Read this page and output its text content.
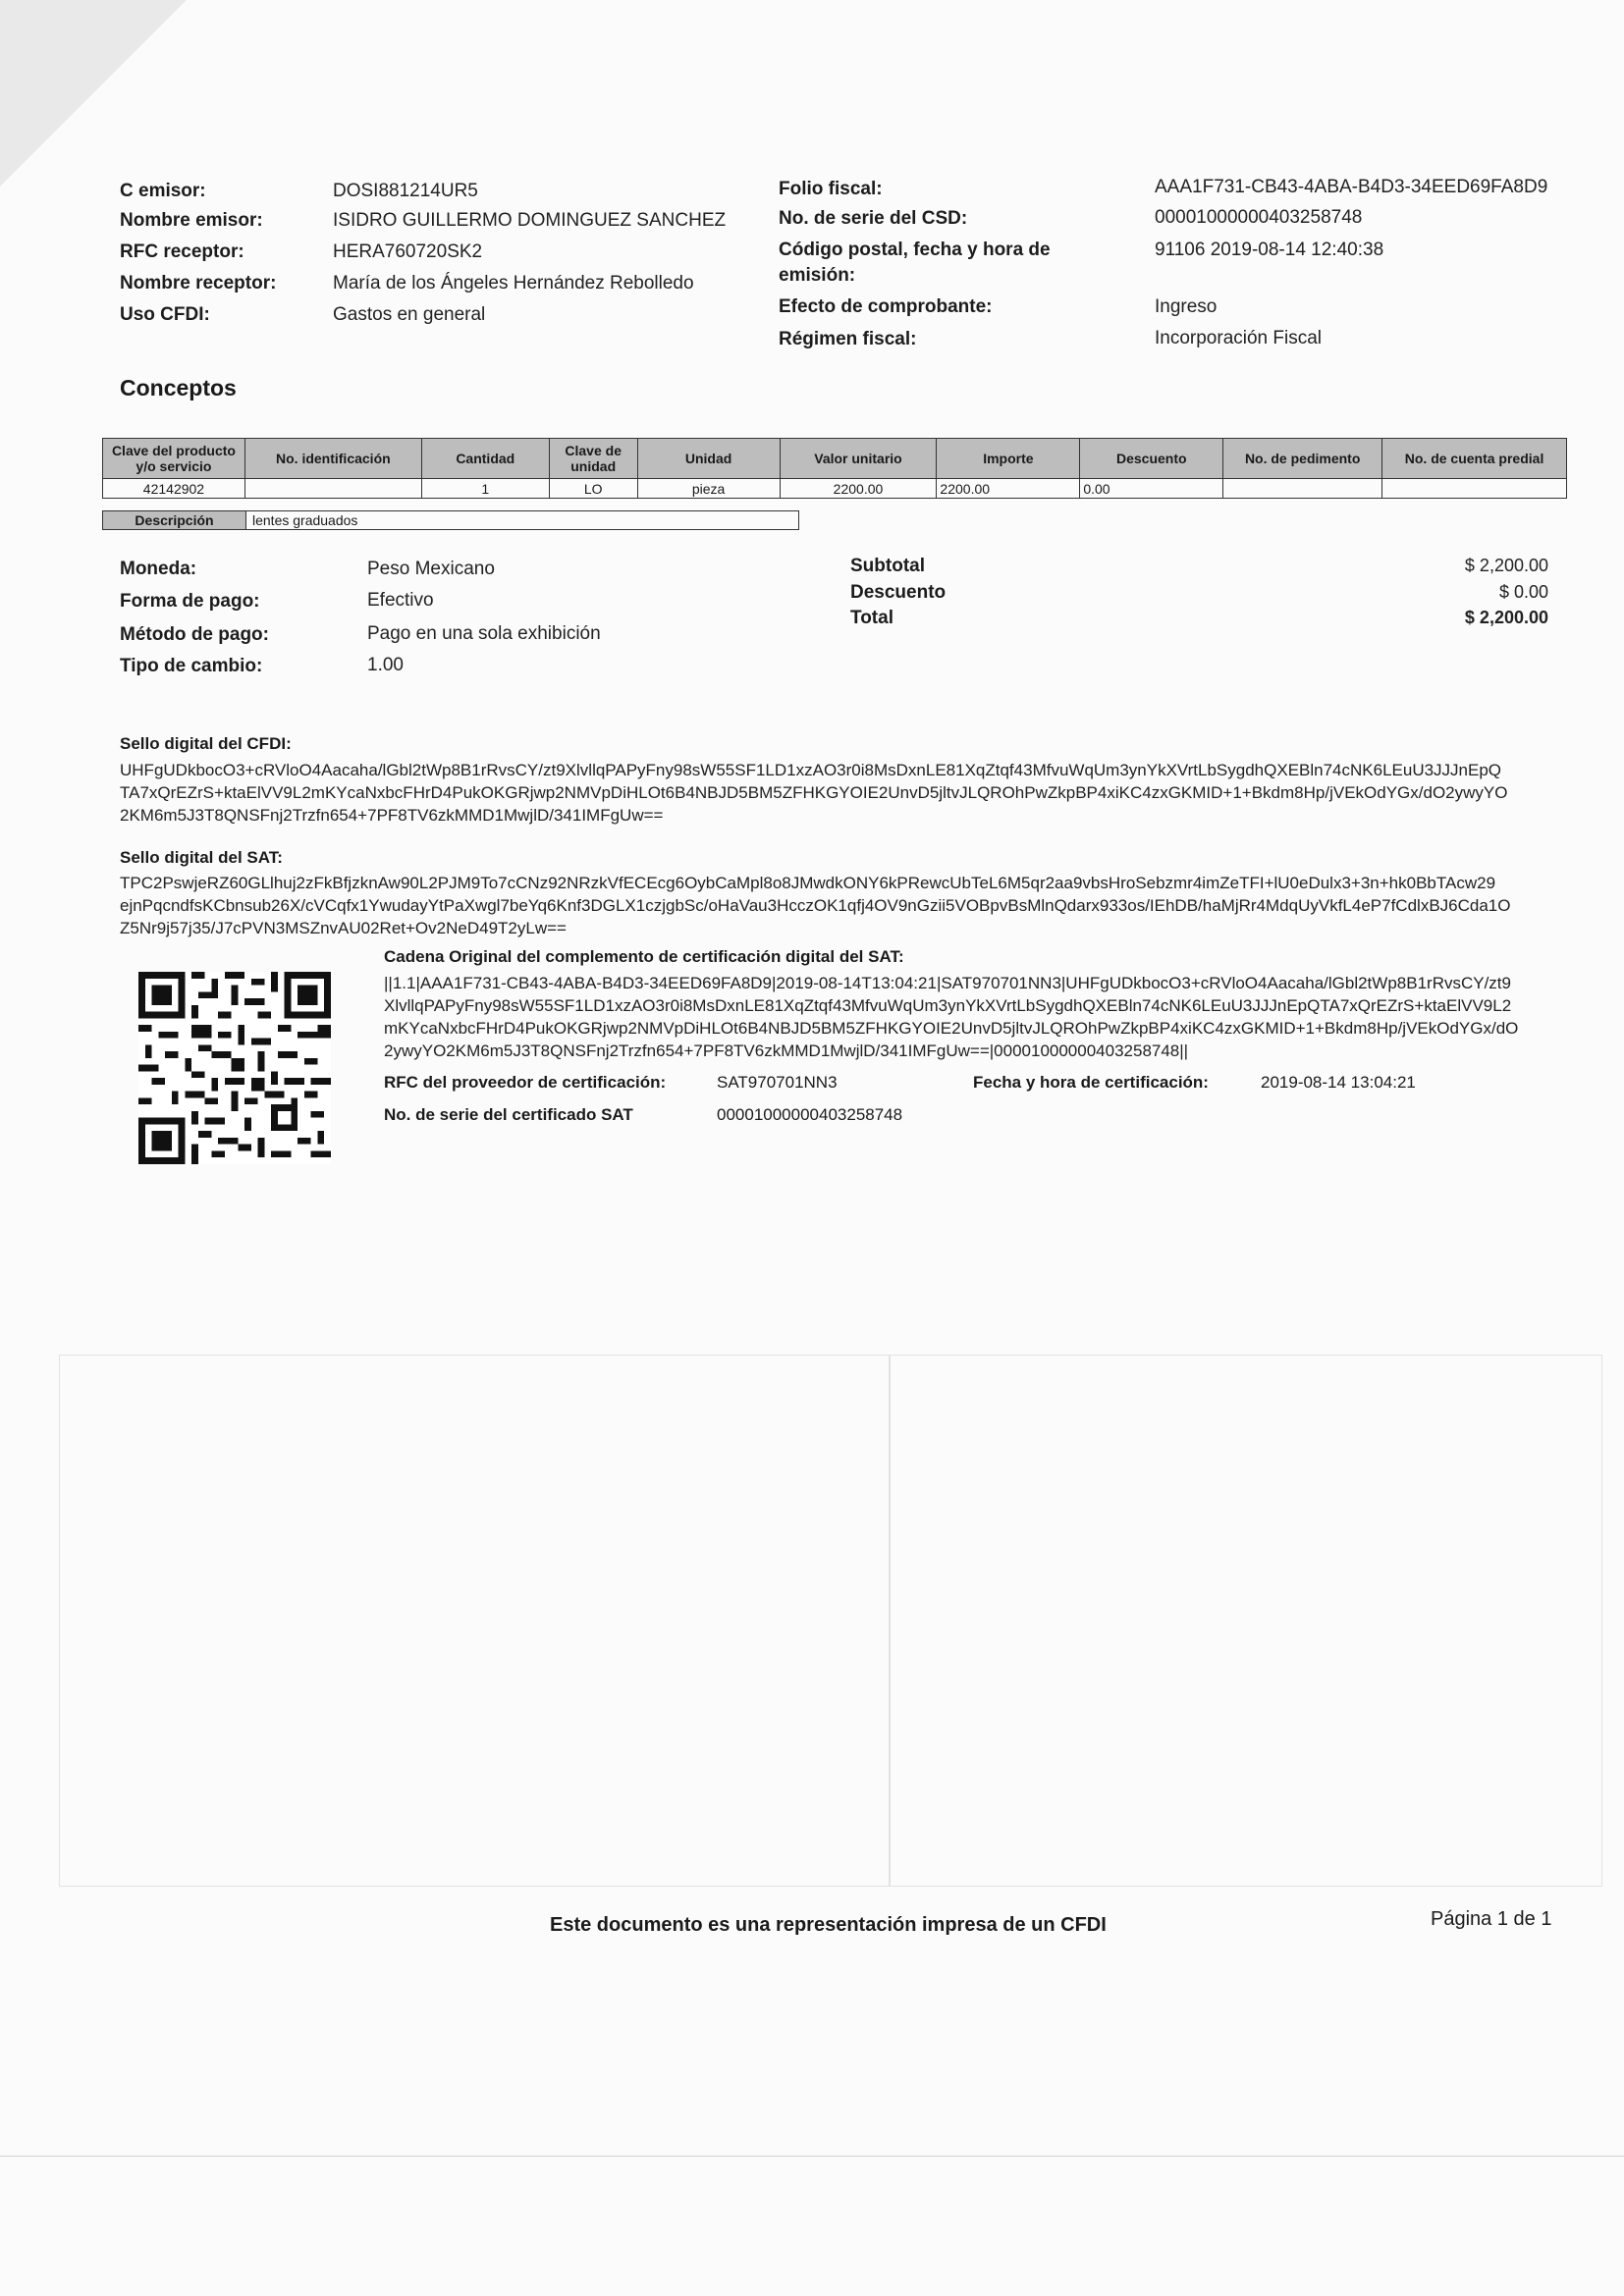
C emisor:	DOSI881214UR5
Nombre emisor:	ISIDRO GUILLERMO DOMINGUEZ SANCHEZ
RFC receptor:	HERA760720SK2
Nombre receptor:	María de los Ángeles Hernández Rebolledo
Uso CFDI:	Gastos en general
Folio fiscal:	AAA1F731-CB43-4ABA-B4D3-34EED69FA8D9
No. de serie del CSD:	00001000000403258748
Código postal, fecha y hora de
emisión:
91106 2019-08-14 12:40:38
Efecto de comprobante:	Ingreso
Régimen fiscal:	Incorporación Fiscal
Conceptos
Clave del producto y/o servicio	No. identificación	Cantidad	Clave de unidad	Unidad	Valor unitario	Importe	Descuento	No. de pedimento	No. de cuenta predial
42142902		1	LO	pieza	2200.00	2200.00	0.00		
Descripción	lentes graduados
Moneda:	Peso Mexicano
Forma de pago:	Efectivo
Método de pago:	Pago en una sola exhibición
Tipo de cambio:	1.00
Subtotal	$ 2,200.00
Descuento	$ 0.00
Total	$ 2,200.00
Sello digital del CFDI:
UHFgUDkbocO3+cRVloO4Aacaha/lGbl2tWp8B1rRvsCY/zt9XlvllqPAPyFny98sW55SF1LD1xzAO3r0i8MsDxnLE81XqZtqf43MfvuWqUm3ynYkXVrtLbSygdhQXEBln74cNK6LEuU3JJJnEpQ
TA7xQrEZrS+ktaElVV9L2mKYcaNxbcFHrD4PukOKGRjwp2NMVpDiHLOt6B4NBJD5BM5ZFHKGYOIE2UnvD5jltvJLQROhPwZkpBP4xiKC4zxGKMID+1+Bkdm8Hp/jVEkOdYGx/dO2ywyYO
2KM6m5J3T8QNSFnj2Trzfn654+7PF8TV6zkMMD1MwjlD/341IMFgUw==
Sello digital del SAT:
TPC2PswjeRZ60GLlhuj2zFkBfjzknAw90L2PJM9To7cCNz92NRzkVfECEcg6OybCaMpl8o8JMwdkONY6kPRewcUbTeL6M5qr2aa9vbsHroSebzmr4imZeTFI+lU0eDulx3+3n+hk0BbTAcw29
ejnPqcndfsKCbnsub26X/cVCqfx1YwudayYtPaXwgl7beYq6Knf3DGLX1czjgbSc/oHaVau3HcczOK1qfj4OV9nGzii5VOBpvBsMlnQdarx933os/IEhDB/haMjRr4MdqUyVkfL4eP7fCdlxBJ6Cda1O
Z5Nr9j57j35/J7cPVN3MSZnvAU02Ret+Ov2NeD49T2yLw==
Cadena Original del complemento de certificación digital del SAT:
||1.1|AAA1F731-CB43-4ABA-B4D3-34EED69FA8D9|2019-08-14T13:04:21|SAT970701NN3|UHFgUDkbocO3+cRVloO4Aacaha/lGbl2tWp8B1rRvsCY/zt9
XlvllqPAPyFny98sW55SF1LD1xzAO3r0i8MsDxnLE81XqZtqf43MfvuWqUm3ynYkXVrtLbSygdhQXEBln74cNK6LEuU3JJJnEpQTA7xQrEZrS+ktaElVV9L2
mKYcaNxbcFHrD4PukOKGRjwp2NMVpDiHLOt6B4NBJD5BM5ZFHKGYOIE2UnvD5jltvJLQROhPwZkpBP4xiKC4zxGKMID+1+Bkdm8Hp/jVEkOdYGx/dO
2ywyYO2KM6m5J3T8QNSFnj2Trzfn654+7PF8TV6zkMMD1MwjlD/341IMFgUw==|00001000000403258748||
RFC del proveedor de certificación:	SAT970701NN3	Fecha y hora de certificación:	2019-08-14 13:04:21
No. de serie del certificado SAT	00001000000403258748
Este documento es una representación impresa de un CFDI	Página 1 de 1
